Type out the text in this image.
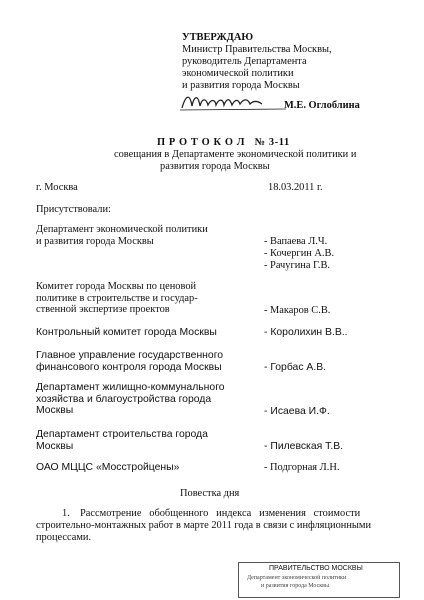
УТВЕРЖДАЮ
Министр Правительства Москвы,
руководитель Департамента
экономической политики
и развития города Москвы
М.Е. Оглоблина
П Р О Т О К О Л   № 3-11
совещания в Департаменте экономической политики и
развития города Москвы
г. Москва	18.03.2011 г.
Присутствовали:
Департамент экономической политики
и развития города Москвы	- Вапаева Л.Ч.
- Кочергин А.В.
- Рачугина Г.В.
Комитет города Москвы по ценовой
политике в строительстве и государ-
ственной экспертизе проектов	- Макаров С.В.
Контрольный комитет города Москвы	- Королихин В.В..
Главное управление государственного
финансового контроля города Москвы	- Горбас А.В.
Департамент жилищно-коммунального
хозяйства и благоустройства города
Москвы	- Исаева И.Ф.
Департамент строительства города
Москвы	- Пилевская Т.В.
ОАО МЦЦС «Мосстройцены»	- Подгорная Л.Н.
Повестка дня
1. Рассмотрение   обобщенного   индекса   изменения   стоимости
строительно-монтажных работ в марте 2011 года в связи с инфляционными
процессами.
ПРАВИТЕЛЬСТВО МОСКВЫ
Департамент экономической политики
и развития города Москвы
